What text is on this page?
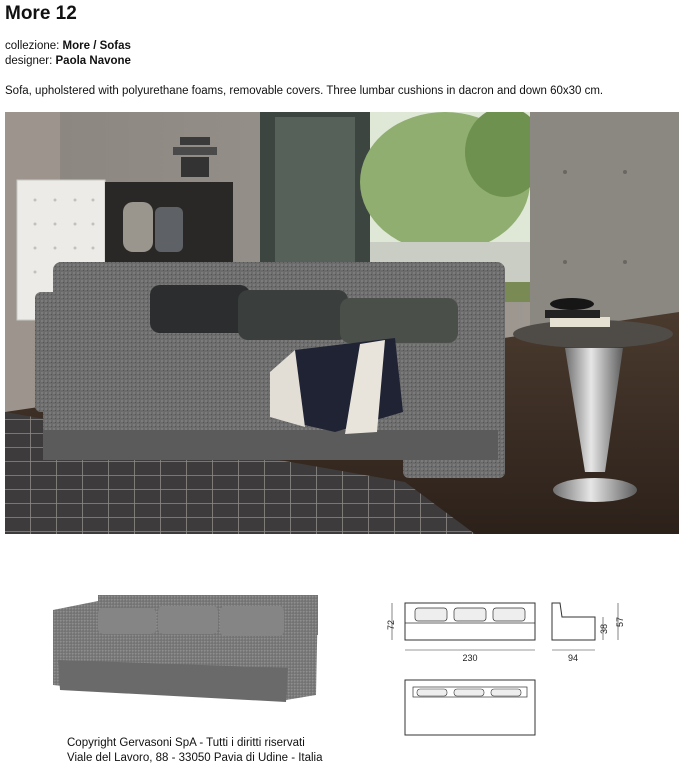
More 12
collezione: More / Sofas
designer: Paola Navone
Sofa, upholstered with polyurethane foams, removable covers. Three lumbar cushions in dacron and down 60x30 cm.
72
230	94
38
57
Copyright Gervasoni SpA - Tutti i diritti riservati
Viale del Lavoro, 88 - 33050 Pavia di Udine - Italia
